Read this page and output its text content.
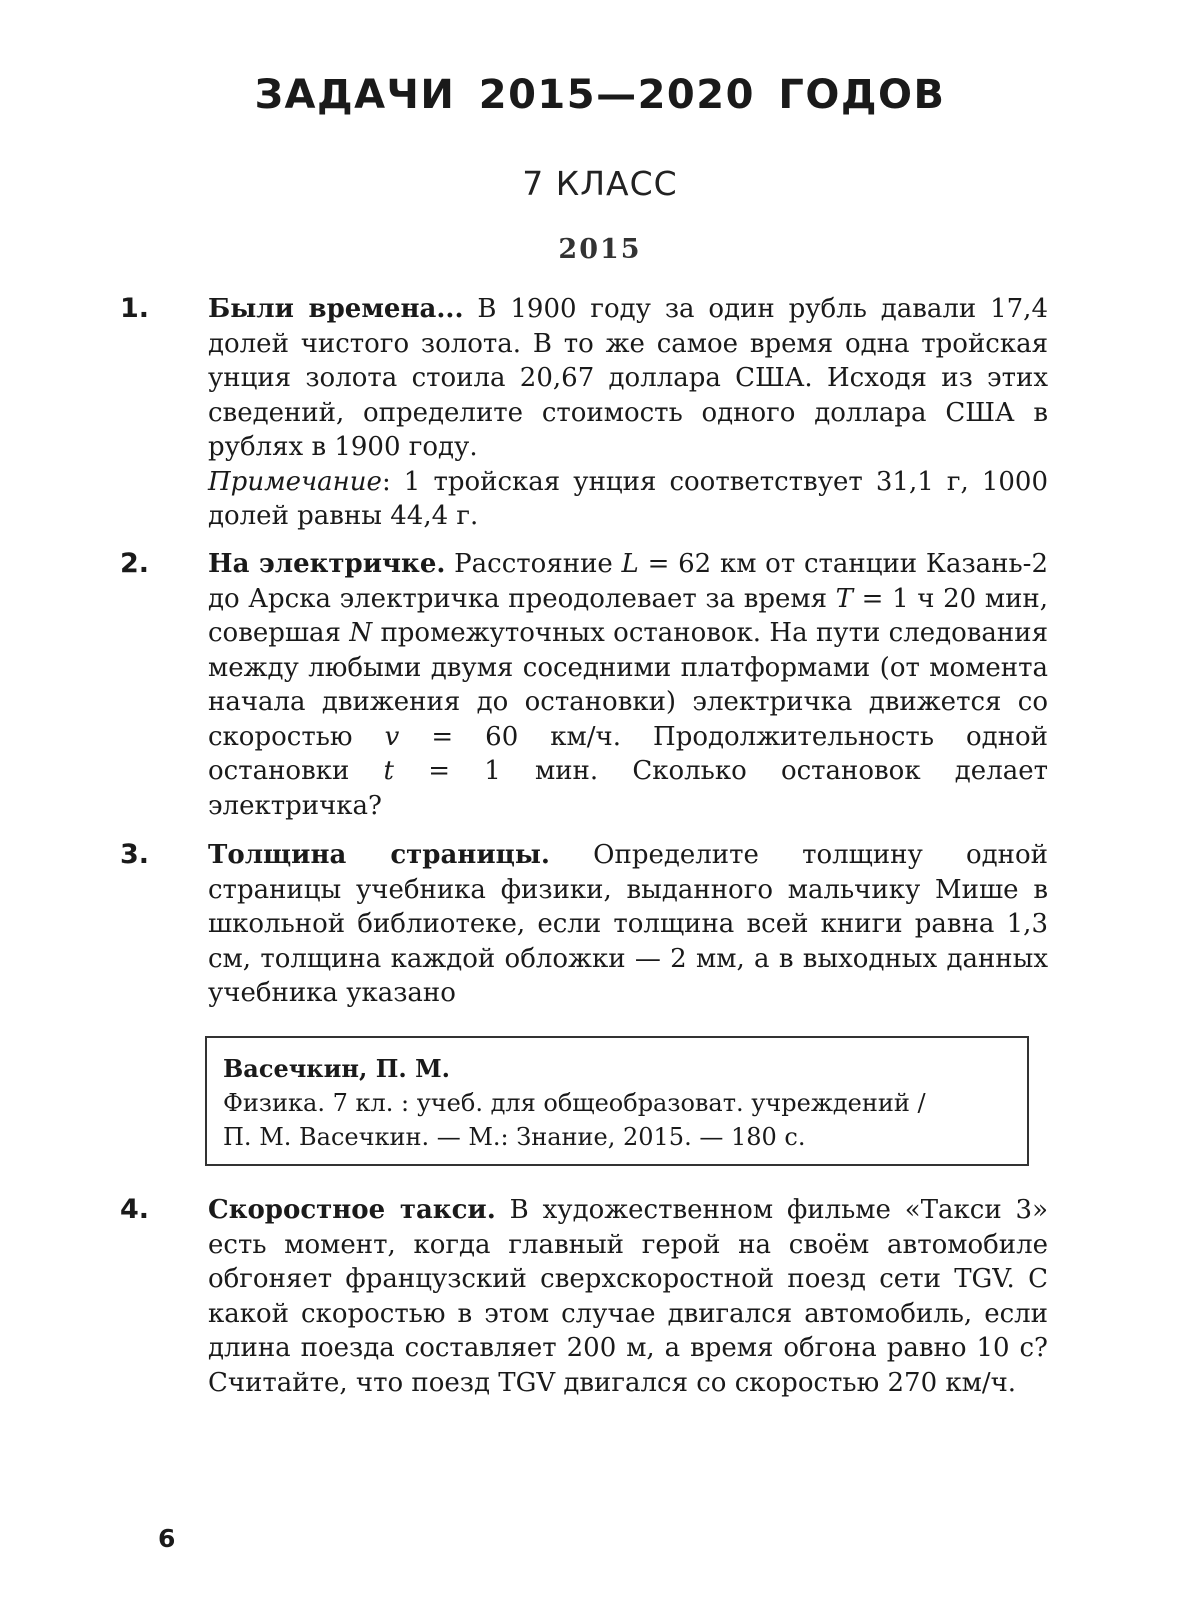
ЗАДАЧИ 2015—2020 ГОДОВ
7 КЛАСС
2015
1. Были времена... В 1900 году за один рубль давали 17,4 долей чистого золота. В то же самое время одна тройская унция золота стоила 20,67 доллара США. Исходя из этих сведений, определите стоимость одного доллара США в рублях в 1900 году.

Примечание: 1 тройская унция соответствует 31,1 г, 1000 долей равны 44,4 г.

2. На электричке. Расстояние L = 62 км от станции Казань-2 до Арска электричка преодолевает за время T = 1 ч 20 мин, совершая N промежуточных остановок. На пути следования между любыми двумя соседними платформами (от момента начала движения до остановки) электричка движется со скоростью v = 60 км/ч. Продолжительность одной остановки t = 1 мин. Сколько остановок делает электричка?

3. Толщина страницы. Определите толщину одной страницы учебника физики, выданного мальчику Мише в школьной библиотеке, если толщина всей книги равна 1,3 см, толщина каждой обложки — 2 мм, а в выходных данных учебника указано

Васечкин, П. М.
Физика. 7 кл. : учеб. для общеобразоват. учреждений /
П. М. Васечкин. — М.: Знание, 2015. — 180 с.
4. Скоростное такси. В художественном фильме «Такси 3» есть момент, когда главный герой на своём автомобиле обгоняет французский сверхскоростной поезд сети TGV. С какой скоростью в этом случае двигался автомобиль, если длина поезда составляет 200 м, а время обгона равно 10 с? Считайте, что поезд TGV двигался со скоростью 270 км/ч.

6
